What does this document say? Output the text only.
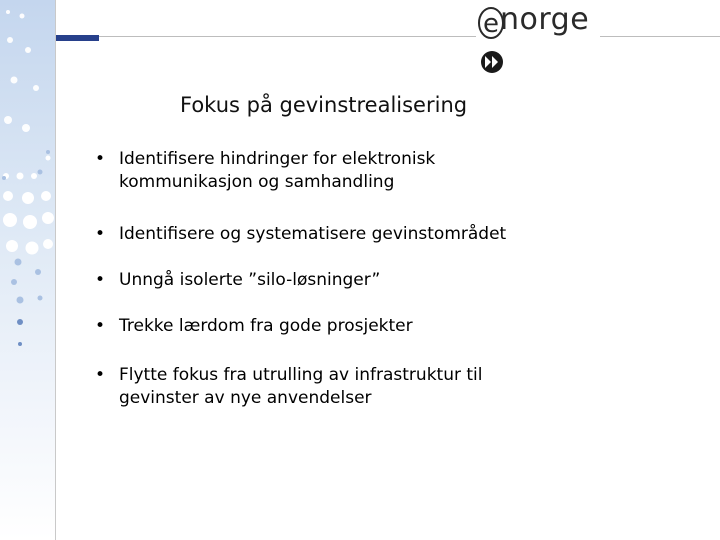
e norge
Fokus på gevinstrealisering
• Identifisere hindringer for elektronisk
kommunikasjon og samhandling
• Identifisere og systematisere gevinstområdet
• Unngå isolerte ”silo-løsninger”
• Trekke lærdom fra gode prosjekter
• Flytte fokus fra utrulling av infrastruktur til
gevinster av nye anvendelser
